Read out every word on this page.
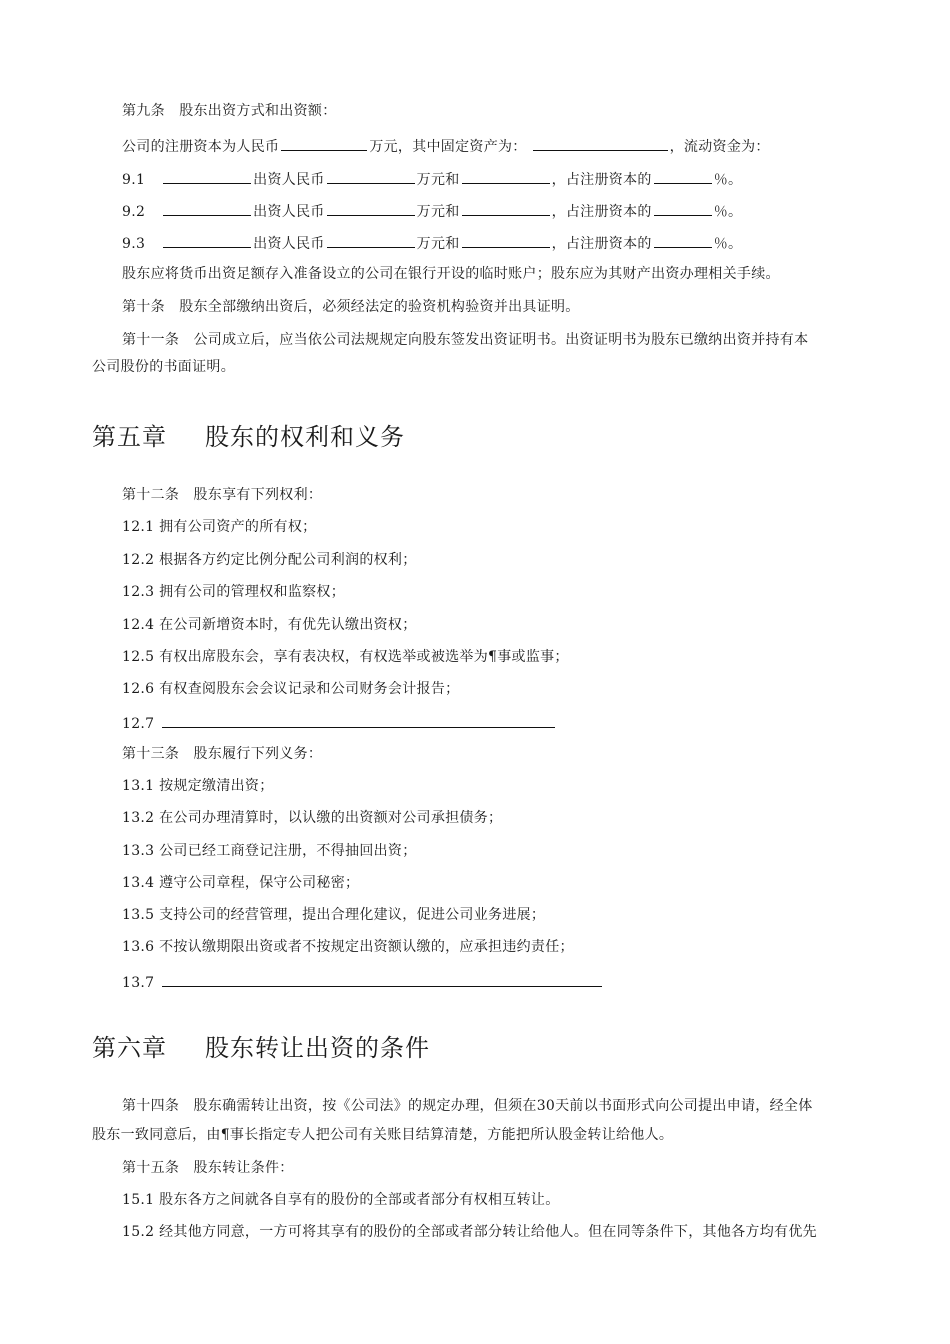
第九条　股东出资方式和出资额：
公司的注册资本为人民币	万元，其中固定资产为：	，流动资金为：
9.1	出资人民币	万元和	，占注册资本的	％。
9.2	出资人民币	万元和	，占注册资本的	％。
9.3	出资人民币	万元和	，占注册资本的	％。
股东应将货币出资足额存入准备设立的公司在银行开设的临时账户；股东应为其财产出资办理相关手续。
第十条　股东全部缴纳出资后，必须经法定的验资机构验资并出具证明。
第十一条　公司成立后，应当依公司法规规定向股东签发出资证明书。出资证明书为股东已缴纳出资并持有本
公司股份的书面证明。
第五章 股东的权利和义务
第十二条　股东享有下列权利：
12.1 拥有公司资产的所有权；
12.2 根据各方约定比例分配公司利润的权利；
12.3 拥有公司的管理权和监察权；
12.4 在公司新增资本时，有优先认缴出资权；
12.5 有权出席股东会，享有表决权，有权选举或被选举为¶事或监事；
12.6 有权查阅股东会会议记录和公司财务会计报告；
12.7
第十三条　股东履行下列义务：
13.1 按规定缴清出资；
13.2 在公司办理清算时，以认缴的出资额对公司承担债务；
13.3 公司已经工商登记注册，不得抽回出资；
13.4 遵守公司章程，保守公司秘密；
13.5 支持公司的经营管理，提出合理化建议，促进公司业务进展；
13.6 不按认缴期限出资或者不按规定出资额认缴的，应承担违约责任；
13.7
第六章 股东转让出资的条件
第十四条　股东确需转让出资，按《公司法》的规定办理，但须在30天前以书面形式向公司提出申请，经全体
股东一致同意后，由¶事长指定专人把公司有关账目结算清楚，方能把所认股金转让给他人。
第十五条　股东转让条件：
15.1 股东各方之间就各自享有的股份的全部或者部分有权相互转让。
15.2 经其他方同意，一方可将其享有的股份的全部或者部分转让给他人。但在同等条件下，其他各方均有优先
